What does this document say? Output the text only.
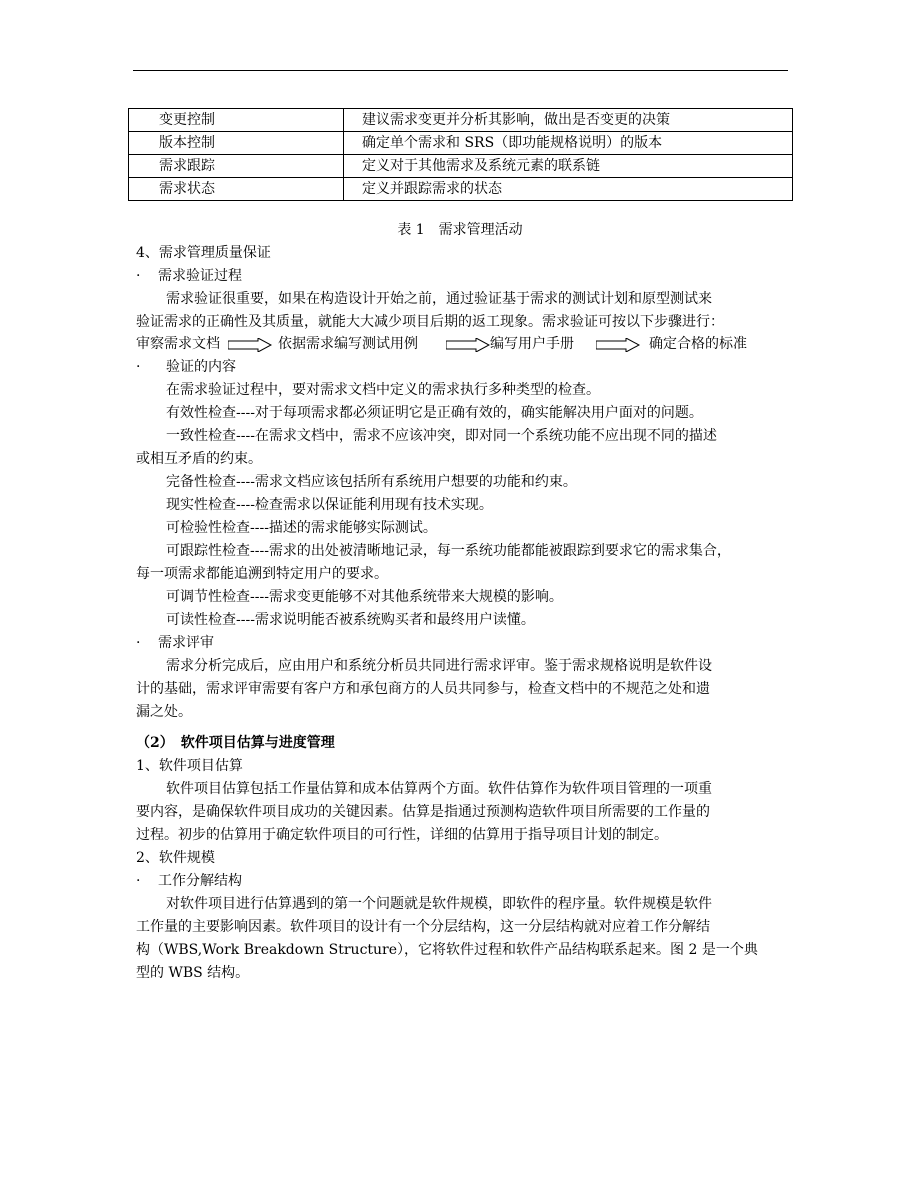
变更控制	建议需求变更并分析其影响，做出是否变更的决策
版本控制	确定单个需求和 SRS（即功能规格说明）的版本
需求跟踪	定义对于其他需求及系统元素的联系链
需求状态	定义并跟踪需求的状态
表 1　需求管理活动
4、需求管理质量保证
· 需求验证过程
需求验证很重要，如果在构造设计开始之前，通过验证基于需求的测试计划和原型测试来
验证需求的正确性及其质量，就能大大减少项目后期的返工现象。需求验证可按以下步骤进行：
审察需求文档	依据需求编写测试用例	编写用户手册	确定合格的标准
· 验证的内容
在需求验证过程中，要对需求文档中定义的需求执行多种类型的检查。
有效性检查----对于每项需求都必须证明它是正确有效的，确实能解决用户面对的问题。
一致性检查----在需求文档中，需求不应该冲突，即对同一个系统功能不应出现不同的描述
或相互矛盾的约束。
完备性检查----需求文档应该包括所有系统用户想要的功能和约束。
现实性检查----检查需求以保证能利用现有技术实现。
可检验性检查----描述的需求能够实际测试。
可跟踪性检查----需求的出处被清晰地记录，每一系统功能都能被跟踪到要求它的需求集合，
每一项需求都能追溯到特定用户的要求。
可调节性检查----需求变更能够不对其他系统带来大规模的影响。
可读性检查----需求说明能否被系统购买者和最终用户读懂。
· 需求评审
需求分析完成后，应由用户和系统分析员共同进行需求评审。鉴于需求规格说明是软件设
计的基础，需求评审需要有客户方和承包商方的人员共同参与，检查文档中的不规范之处和遗
漏之处。
（2）　软件项目估算与进度管理
1、软件项目估算
软件项目估算包括工作量估算和成本估算两个方面。软件估算作为软件项目管理的一项重
要内容，是确保软件项目成功的关键因素。估算是指通过预测构造软件项目所需要的工作量的
过程。初步的估算用于确定软件项目的可行性，详细的估算用于指导项目计划的制定。
2、软件规模
· 工作分解结构
对软件项目进行估算遇到的第一个问题就是软件规模，即软件的程序量。软件规模是软件
工作量的主要影响因素。软件项目的设计有一个分层结构，这一分层结构就对应着工作分解结
构（WBS,Work Breakdown Structure），它将软件过程和软件产品结构联系起来。图 2 是一个典
型的 WBS 结构。
